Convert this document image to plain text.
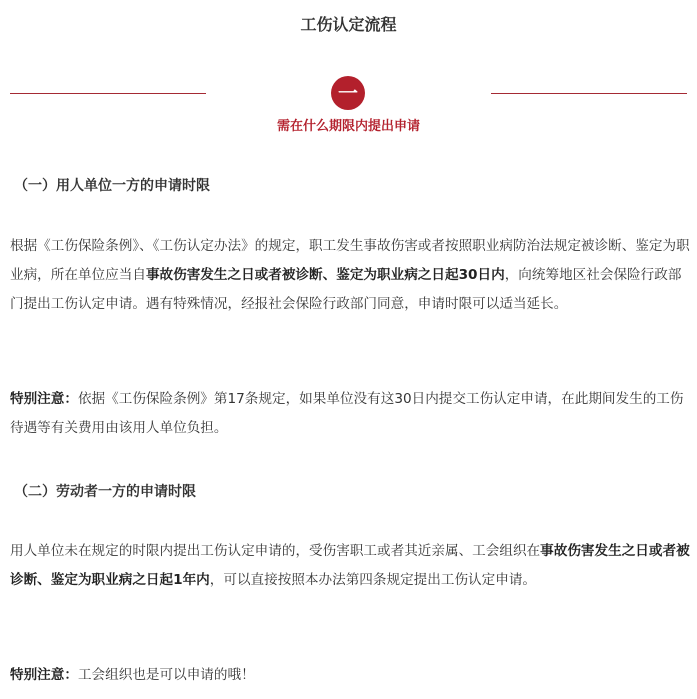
工伤认定流程
一
需在什么期限内提出申请
（一）用人单位一方的申请时限

根据《工伤保险条例》、《工伤认定办法》的规定，职工发生事故伤害或者按照职业病防治法规定被诊断、鉴定为职业病，所在单位应当自事故伤害发生之日或者被诊断、鉴定为职业病之日起30日内，向统筹地区社会保险行政部门提出工伤认定申请。遇有特殊情况，经报社会保险行政部门同意，申请时限可以适当延长。

特别注意：依据《工伤保险条例》第17条规定，如果单位没有这30日内提交工伤认定申请，在此期间发生的工伤待遇等有关费用由该用人单位负担。

（二）劳动者一方的申请时限

用人单位未在规定的时限内提出工伤认定申请的，受伤害职工或者其近亲属、工会组织在事故伤害发生之日或者被诊断、鉴定为职业病之日起1年内，可以直接按照本办法第四条规定提出工伤认定申请。

特别注意：工会组织也是可以申请的哦！
